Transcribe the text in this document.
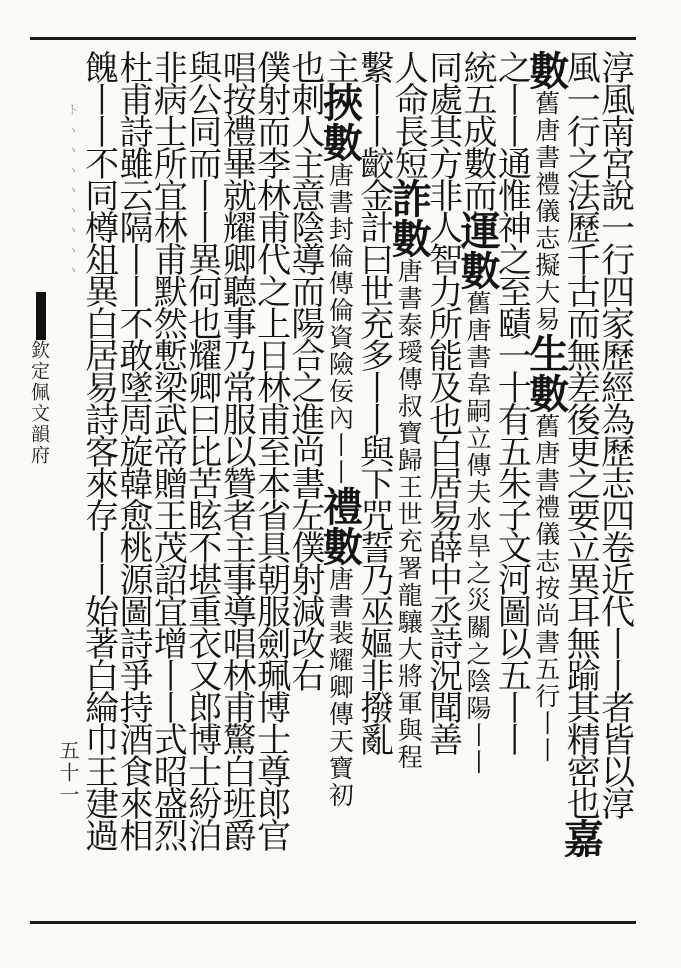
ト
ヽ
ヽ
ヽ
ヽ
ヽ
ヽ
ヽ
ヽ
欽定佩文韻府
五十一	淳風南宮說一行四家歷經為歷志四卷近代丨丨者皆以淳
風一行之法歷千古而無差後更之要立異耳無踰其精密也嘉
數舊唐書禮儀志擬大易生數舊唐書禮儀志按尚書五行丨丨
之丨丨通惟神之至賾一十有五朱子文河圖以五丨丨
統五成數而運數舊唐書韋嗣立傳夫水旱之災關之陰陽丨丨
同處其方非人智力所能及也白居易薛中丞詩況聞善
人命長短詐數唐書泰璦傳叔寶歸王世充署龍驤大將軍與程
繫丨丨齩金計曰世充多丨丨與下咒誓乃巫嫗非撥亂
主挾數唐書封倫傳倫資險佞內丨丨禮數唐書裴耀卿傳天寶初
也刺人主意陰導而陽合之進尚書左僕射減改右
僕射而李林甫代之上日林甫至本省具朝服劍珮博士尊郎官
唱按禮畢就耀卿聽事乃常服以贊者主事導唱林甫驚白班爵
與公同而丨丨異何也耀卿曰比苦眩不堪重衣又郎博士紛泊
非病士所宜林甫默然慙梁武帝贈王茂詔宜增丨丨式昭盛烈
杜甫詩雖云隔丨丨不敢墜周旋韓愈桃源圖詩爭持酒食來相
餽丨丨不同樽俎異白居易詩客來存丨丨始著白綸巾王建過
